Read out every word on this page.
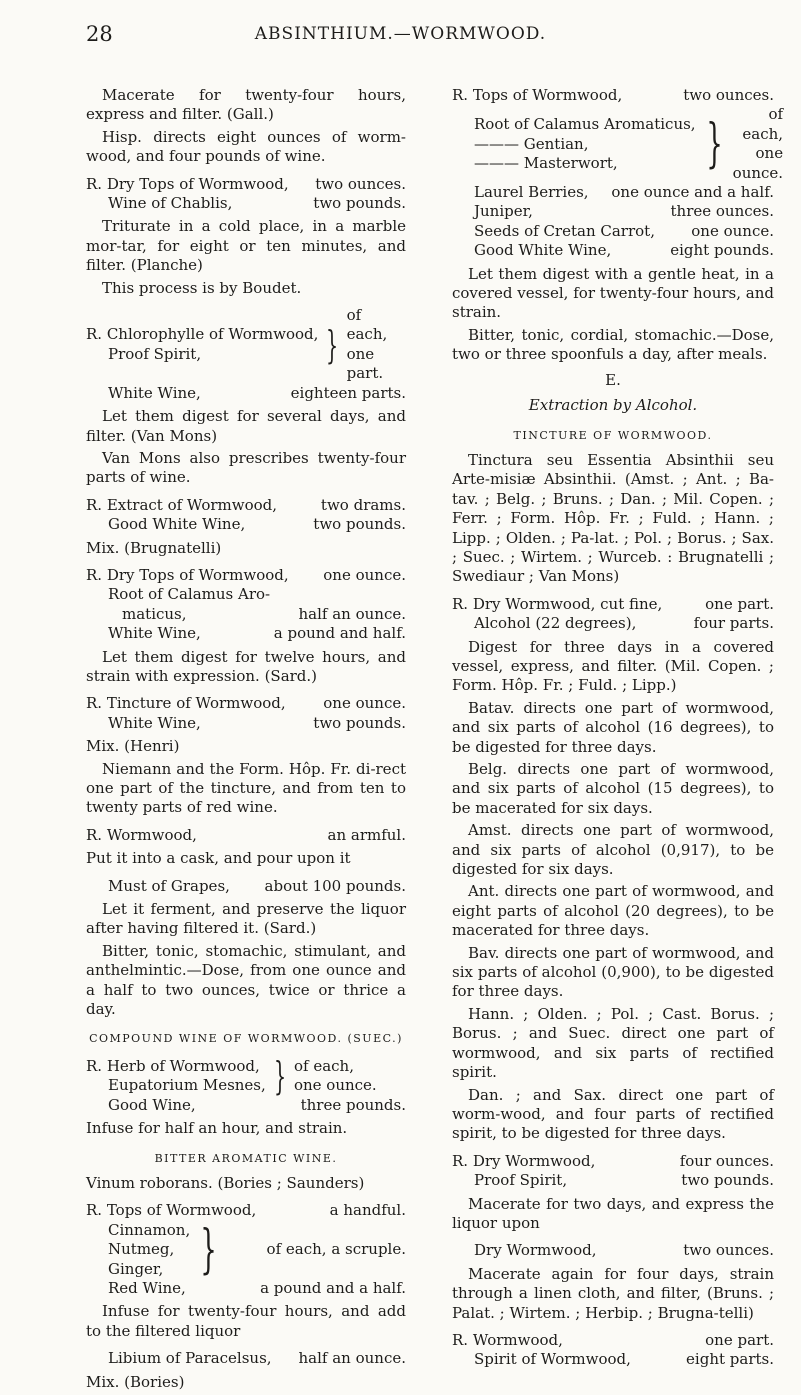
28	ABSINTHIUM.—WORMWOOD.

Macerate for twenty-four hours, express and filter. (Gall.)

Hisp. directs eight ounces of worm-wood, and four pounds of wine.

R. Dry Tops of Wormwood, two ounces.
Wine of Chablis,	two pounds.

Triturate in a cold place, in a marble mor-tar, for eight or ten minutes, and filter. (Planche)

This process is by Boudet.

R. Chlorophylle of Wormwood,
Proof Spirit,	}
of each,
one part.
White Wine,	eighteen parts.

Let them digest for several days, and filter. (Van Mons)

Van Mons also prescribes twenty-four parts of wine.

R. Extract of Wormwood,	two drams.
Good White Wine,	two pounds.

Mix. (Brugnatelli)

R. Dry Tops of Wormwood, one ounce.
Root of Calamus Aro-
maticus,	half an ounce.
White Wine,	a pound and half.

Let them digest for twelve hours, and strain with expression. (Sard.)

R. Tincture of Wormwood,	one ounce.
White Wine,	two pounds.

Mix. (Henri)

Niemann and the Form. Hôp. Fr. di-rect one part of the tincture, and from ten to twenty parts of red wine.

R. Wormwood,	an armful.

Put it into a cask, and pour upon it

Must of Grapes, about 100 pounds.

Let it ferment, and preserve the liquor after having filtered it. (Sard.)

Bitter, tonic, stomachic, stimulant, and anthelmintic.—Dose, from one ounce and a half to two ounces, twice or thrice a day.

COMPOUND WINE OF WORMWOOD. (SUEC.)
R. Herb of Wormwood,
Eupatorium Mesnes, } of each,
one ounce.
Good Wine,	three pounds.

Infuse for half an hour, and strain.

BITTER AROMATIC WINE.

Vinum roborans. (Bories ; Saunders)

R. Tops of Wormwood,	a handful.
Cinnamon,
Nutmeg,
Ginger, }	of each, a scruple.
Red Wine,	a pound and a half.

Infuse for twenty-four hours, and add to the filtered liquor

Libium of Paracelsus, half an ounce.

Mix. (Bories)

R. Tops of Wormwood,	two ounces.
Root of Calamus Aromaticus,
——— Gentian,
——— Masterwort,	}	of each, one ounce.
Laurel Berries, one ounce and a half.
Juniper,	three ounces.
Seeds of Cretan Carrot, one ounce.
Good White Wine,	eight pounds.

Let them digest with a gentle heat, in a covered vessel, for twenty-four hours, and strain.

Bitter, tonic, cordial, stomachic.—Dose, two or three spoonfuls a day, after meals.

E.
Extraction by Alcohol.
TINCTURE OF WORMWOOD.

Tinctura seu Essentia Absinthii seu Arte-misiæ Absinthii. (Amst. ; Ant. ; Ba-tav. ; Belg. ; Bruns. ; Dan. ; Mil. Copen. ; Ferr. ; Form. Hôp. Fr. ; Fuld. ; Hann. ; Lipp. ; Olden. ; Pa-lat. ; Pol. ; Borus. ; Sax. ; Suec. ; Wirtem. ; Wurceb. : Brugnatelli ; Swediaur ; Van Mons)

R. Dry Wormwood, cut fine,	one part.
Alcohol (22 degrees),	four parts.

Digest for three days in a covered vessel, express, and filter. (Mil. Copen. ; Form. Hôp. Fr. ; Fuld. ; Lipp.)

Batav. directs one part of wormwood, and six parts of alcohol (16 degrees), to be digested for three days.

Belg. directs one part of wormwood, and six parts of alcohol (15 degrees), to be macerated for six days.

Amst. directs one part of wormwood, and six parts of alcohol (0,917), to be digested for six days.

Ant. directs one part of wormwood, and eight parts of alcohol (20 degrees), to be macerated for three days.

Bav. directs one part of wormwood, and six parts of alcohol (0,900), to be digested for three days.

Hann. ; Olden. ; Pol. ; Cast. Borus. ; Borus. ; and Suec. direct one part of wormwood, and six parts of rectified spirit.

Dan. ; and Sax. direct one part of worm-wood, and four parts of rectified spirit, to be digested for three days.

R. Dry Wormwood,	four ounces.
Proof Spirit,	two pounds.

Macerate for two days, and express the liquor upon

Dry Wormwood,	two ounces.

Macerate again for four days, strain through a linen cloth, and filter, (Bruns. ; Palat. ; Wirtem. ; Herbip. ; Brugna-telli)

R. Wormwood,	one part.
Spirit of Wormwood,	eight parts.
